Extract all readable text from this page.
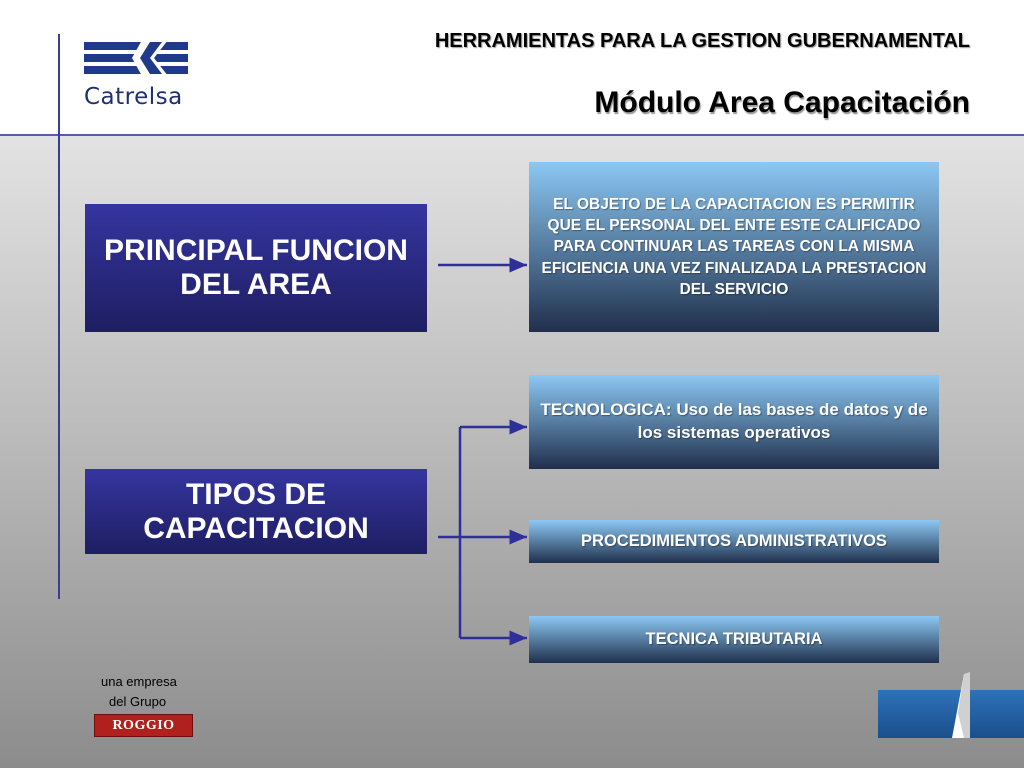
Catrelsa
HERRAMIENTAS PARA LA GESTION GUBERNAMENTAL
Módulo Area Capacitación
PRINCIPAL FUNCION DEL AREA
TIPOS DE CAPACITACION
EL OBJETO DE LA CAPACITACION ES PERMITIR QUE EL PERSONAL DEL ENTE ESTE CALIFICADO PARA CONTINUAR LAS TAREAS CON LA MISMA EFICIENCIA UNA VEZ FINALIZADA LA PRESTACION DEL SERVICIO
TECNOLOGICA: Uso de las bases de datos y de los sistemas operativos
PROCEDIMIENTOS ADMINISTRATIVOS
TECNICA TRIBUTARIA
una empresa
del Grupo
ROGGIO
